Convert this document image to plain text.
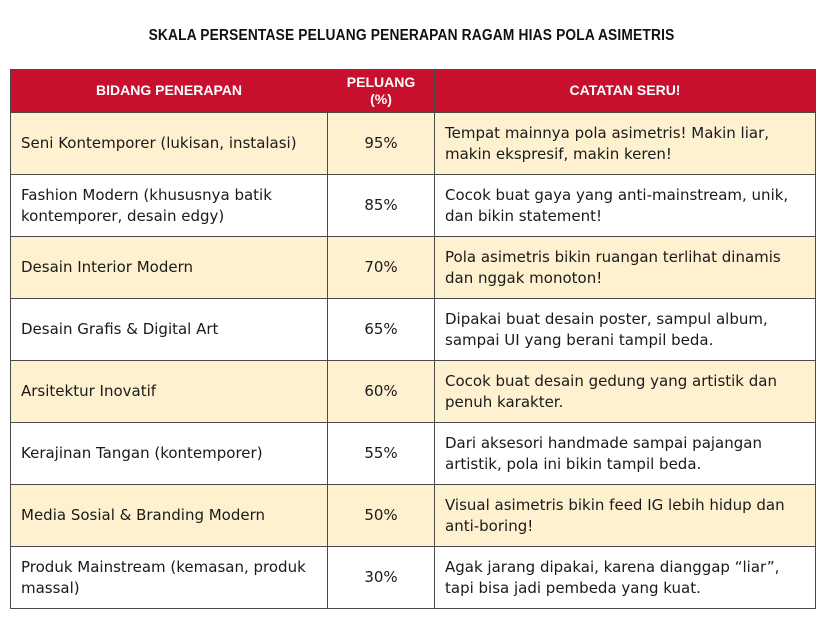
SKALA PERSENTASE PELUANG PENERAPAN RAGAM HIAS POLA ASIMETRIS
BIDANG PENERAPAN	PELUANG (%)	CATATAN SERU!
Seni Kontemporer (lukisan, instalasi)	95%	Tempat mainnya pola asimetris! Makin liar, makin ekspresif, makin keren!
Fashion Modern (khususnya batik kontemporer, desain edgy)	85%	Cocok buat gaya yang anti-mainstream, unik, dan bikin statement!
Desain Interior Modern	70%	Pola asimetris bikin ruangan terlihat dinamis dan nggak monoton!
Desain Grafis & Digital Art	65%	Dipakai buat desain poster, sampul album, sampai UI yang berani tampil beda.
Arsitektur Inovatif	60%	Cocok buat desain gedung yang artistik dan penuh karakter.
Kerajinan Tangan (kontemporer)	55%	Dari aksesori handmade sampai pajangan artistik, pola ini bikin tampil beda.
Media Sosial & Branding Modern	50%	Visual asimetris bikin feed IG lebih hidup dan anti-boring!
Produk Mainstream (kemasan, produk massal)	30%	Agak jarang dipakai, karena dianggap “liar”, tapi bisa jadi pembeda yang kuat.
